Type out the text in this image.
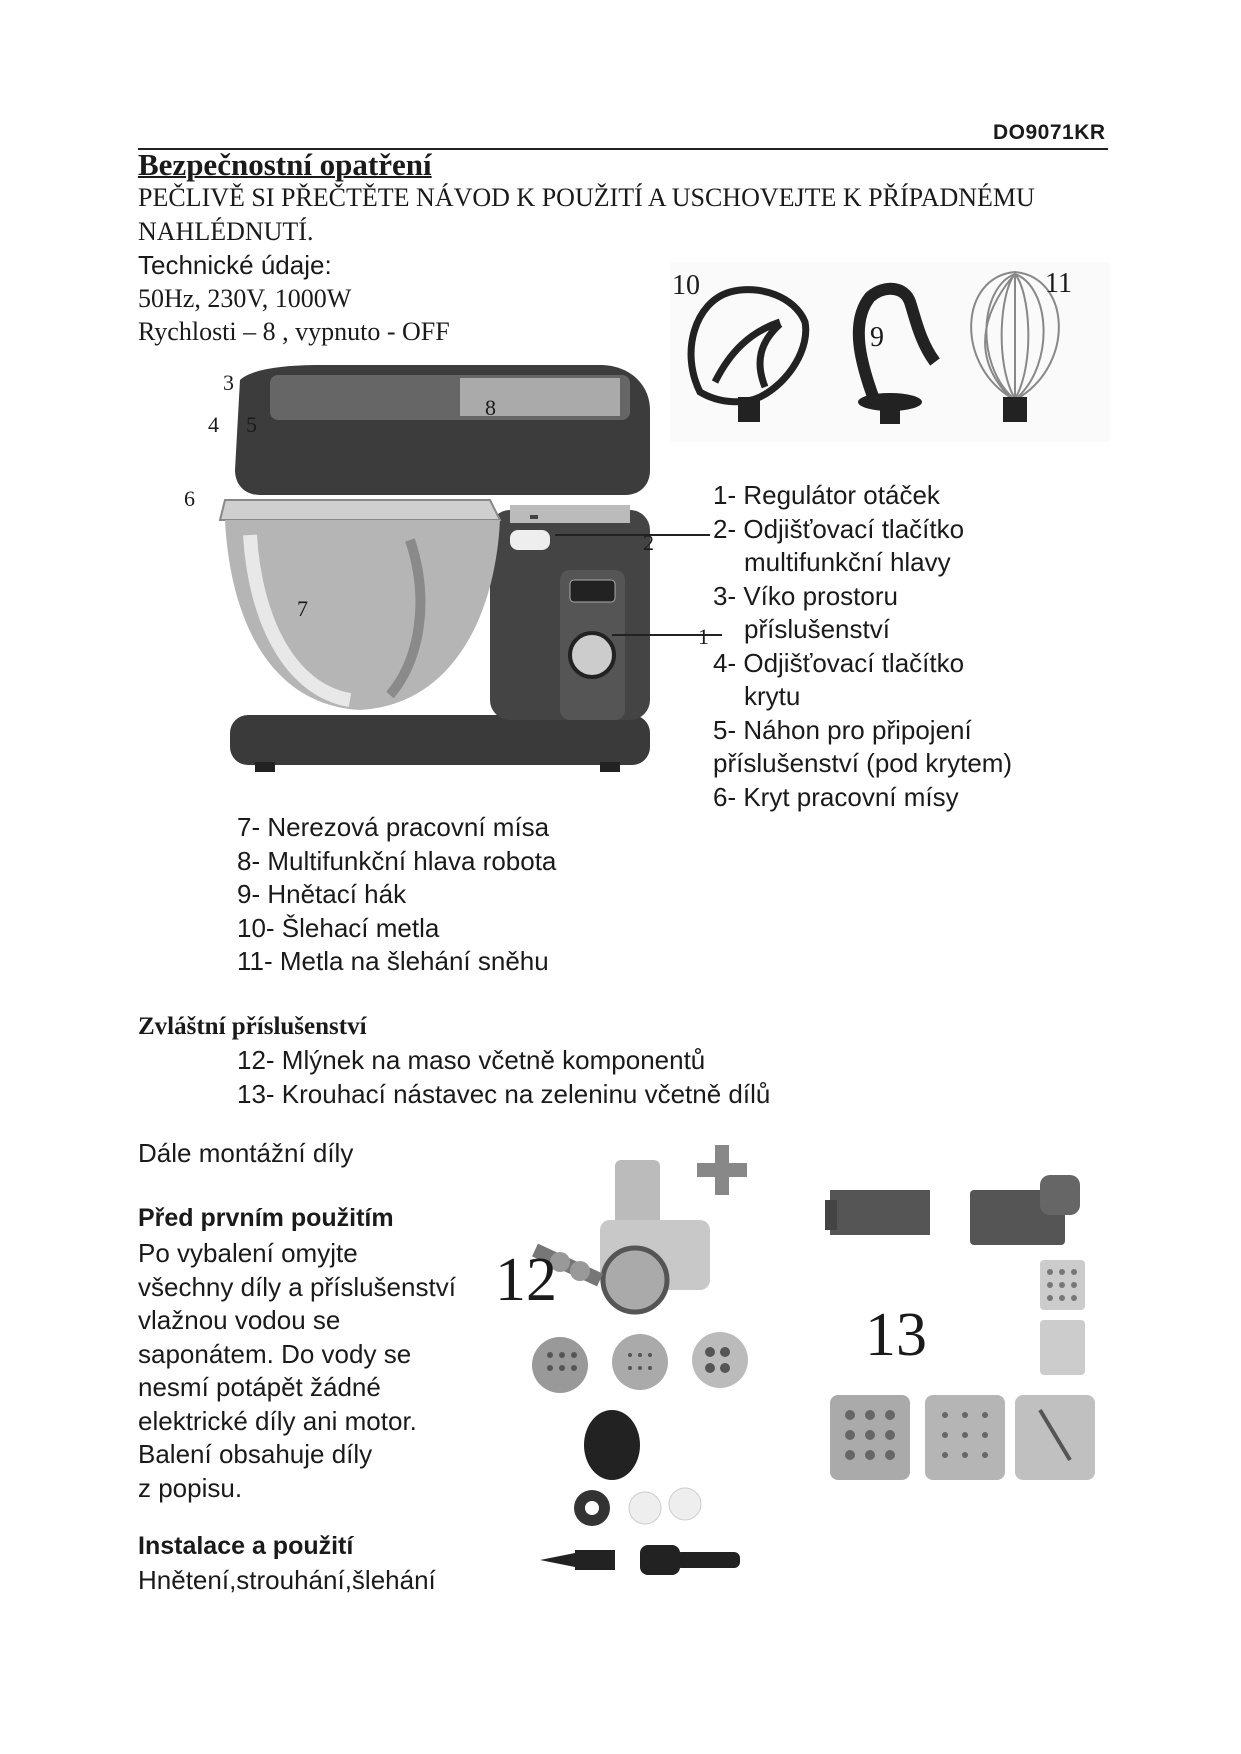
DO9071KR
Bezpečnostní opatření
PEČLIVĚ SI PŘEČTĚTE NÁVOD K POUŽITÍ A USCHOVEJTE K PŘÍPADNÉMU NAHLÉDNUTÍ.
Technické údaje:
50Hz, 230V, 1000W
Rychlosti – 8 , vypnuto - OFF
10
9
11
3
4 5
8
6
2
7
1
1- Regulátor otáček
2- Odjišťovací tlačítko
multifunkční hlavy
3- Víko prostoru
příslušenství
4- Odjišťovací tlačítko
krytu
5- Náhon pro připojení
příslušenství (pod krytem)
6- Kryt pracovní mísy
7- Nerezová pracovní mísa
8- Multifunkční hlava robota
9- Hnětací hák
10- Šlehací metla
11- Metla na šlehání sněhu
Zvláštní příslušenství
12- Mlýnek na maso včetně komponentů
13- Krouhací nástavec na zeleninu včetně dílů
Dále montážní díly
Před prvním použitím
Po vybalení omyjte
všechny díly a příslušenství
vlažnou vodou se
saponátem. Do vody se
nesmí potápět žádné
elektrické díly ani motor.
Balení obsahuje díly
z popisu.
Instalace a použití
Hnětení,strouhání,šlehání
12
13
